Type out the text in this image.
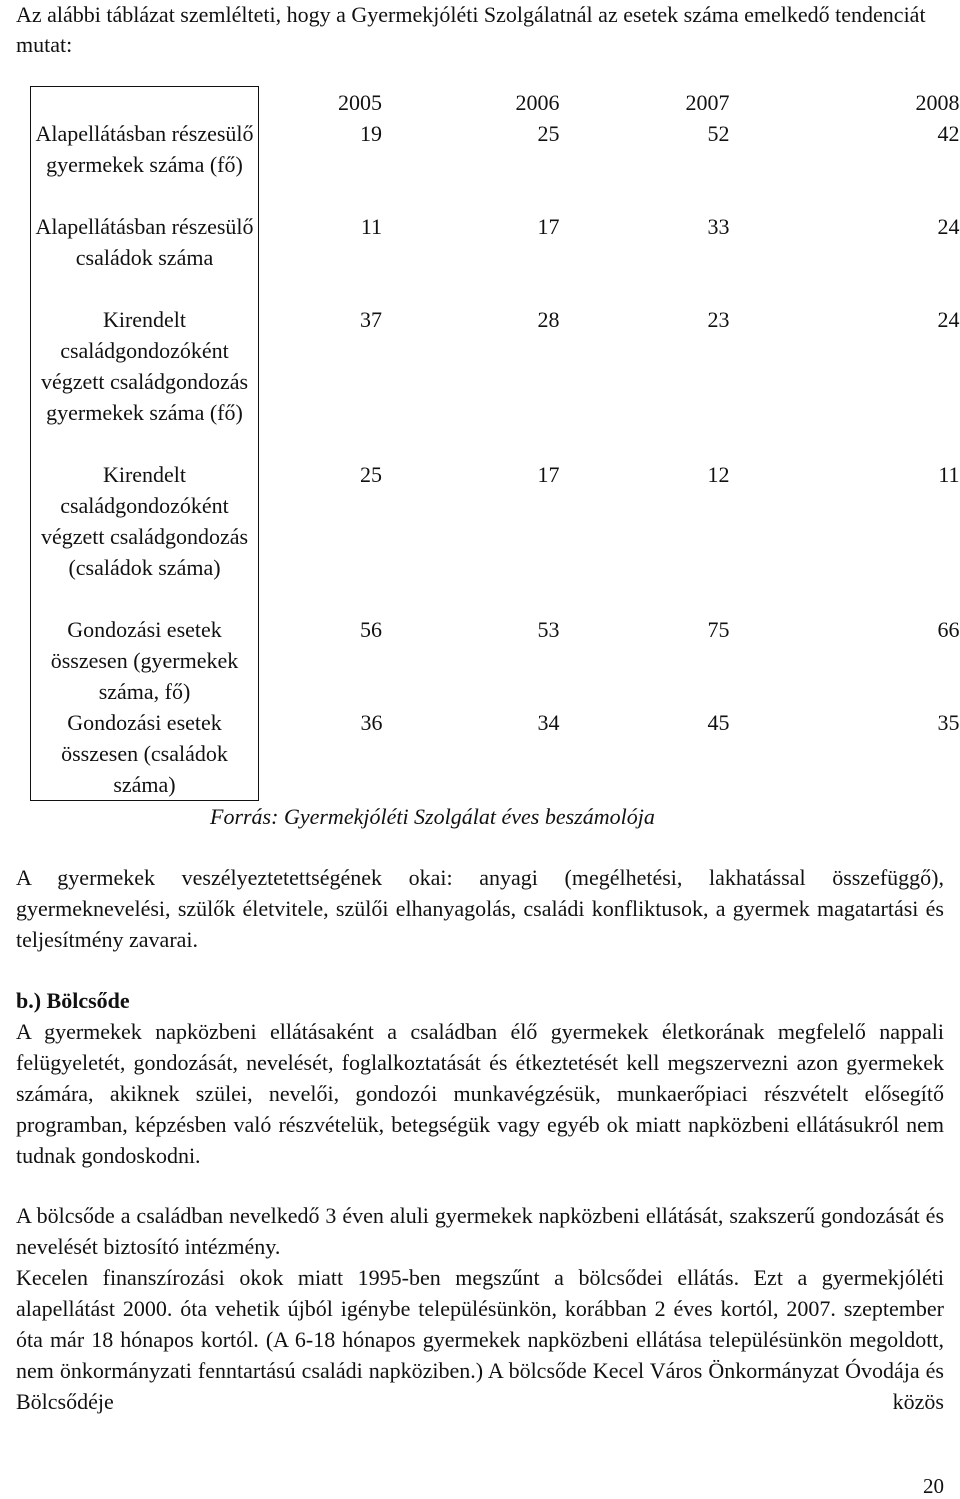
Az alábbi táblázat szemlélteti, hogy a Gyermekjóléti Szolgálatnál az esetek száma emelkedő tendenciát mutat:

	2005	2006	2007	2008
Alapellátásban részesülő gyermekek száma (fő)	19	25	52	42
Alapellátásban részesülő családok száma	11	17	33	24
Kirendelt családgondozóként végzett családgondozás gyermekek száma (fő)	37	28	23	24
Kirendelt családgondozóként végzett családgondozás (családok száma)	25	17	12	11
Gondozási esetek összesen (gyermekek száma, fő)	56	53	75	66
Gondozási esetek összesen (családok száma)	36	34	45	35

Forrás: Gyermekjóléti Szolgálat éves beszámolója

A gyermekek veszélyeztetettségének okai: anyagi (megélhetési, lakhatással összefüggő), gyermeknevelési, szülők életvitele, szülői elhanyagolás, családi konfliktusok, a gyermek magatartási és teljesítmény zavarai.

b.) Bölcsőde

A gyermekek napközbeni ellátásaként a családban élő gyermekek életkorának megfelelő nappali felügyeletét, gondozását, nevelését, foglalkoztatását és étkeztetését kell megszervezni azon gyermekek számára, akiknek szülei, nevelői, gondozói munkavégzésük, munkaerőpiaci részvételt elősegítő programban, képzésben való részvételük, betegségük vagy egyéb ok miatt napközbeni ellátásukról nem tudnak gondoskodni.

A bölcsőde a családban nevelkedő 3 éven aluli gyermekek napközbeni ellátását, szakszerű gondozását és nevelését biztosító intézmény.

Kecelen finanszírozási okok miatt 1995-ben megszűnt a bölcsődei ellátás. Ezt a gyermekjóléti alapellátást 2000. óta vehetik újból igénybe településünkön, korábban 2 éves kortól, 2007. szeptember óta már 18 hónapos kortól. (A 6-18 hónapos gyermekek napközbeni ellátása településünkön megoldott, nem önkormányzati fenntartású családi napköziben.) A bölcsőde Kecel Város Önkormányzat Óvodája és Bölcsődéje közös

20
